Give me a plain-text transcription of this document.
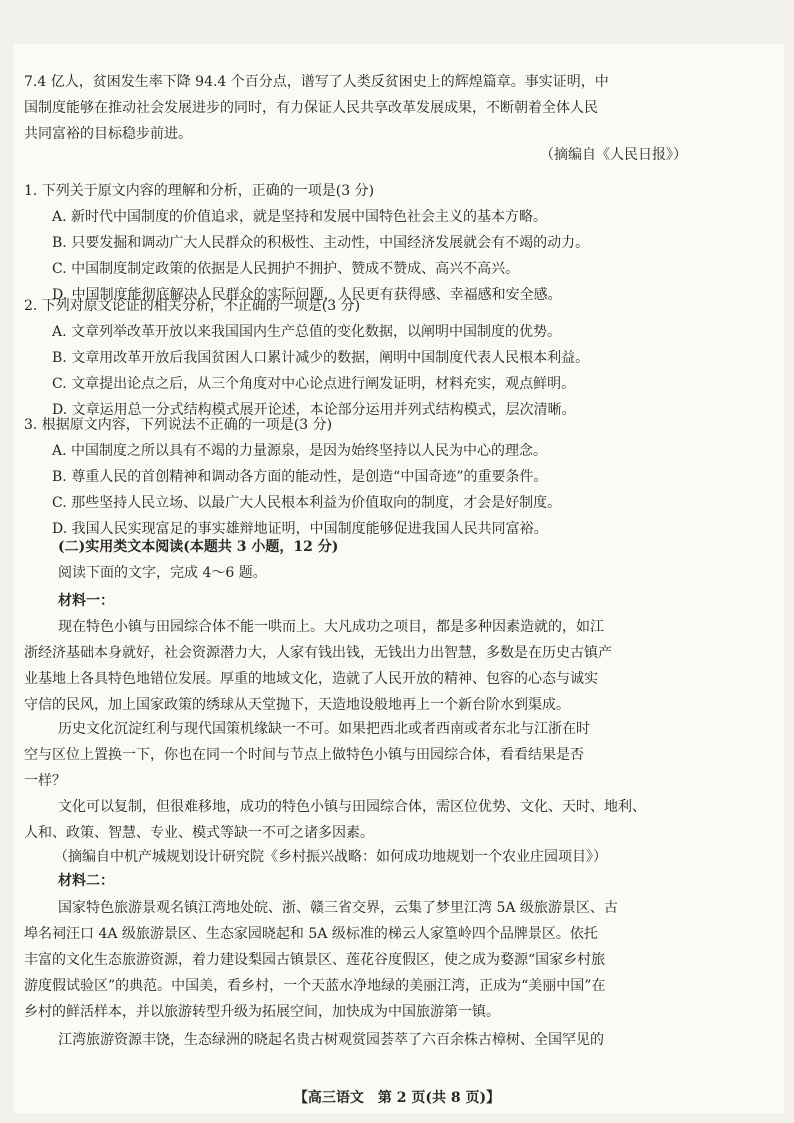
7.4 亿人，贫困发生率下降 94.4 个百分点，谱写了人类反贫困史上的辉煌篇章。事实证明，中
国制度能够在推动社会发展进步的同时，有力保证人民共享改革发展成果，不断朝着全体人民
共同富裕的目标稳步前进。
（摘编自《人民日报》）
1. 下列关于原文内容的理解和分析，正确的一项是(3 分)
A. 新时代中国制度的价值追求，就是坚持和发展中国特色社会主义的基本方略。
B. 只要发掘和调动广大人民群众的积极性、主动性，中国经济发展就会有不竭的动力。
C. 中国制度制定政策的依据是人民拥护不拥护、赞成不赞成、高兴不高兴。
D. 中国制度能彻底解决人民群众的实际问题，人民更有获得感、幸福感和安全感。
2. 下列对原文论证的相关分析，不正确的一项是(3 分)
A. 文章列举改革开放以来我国国内生产总值的变化数据，以阐明中国制度的优势。
B. 文章用改革开放后我国贫困人口累计减少的数据，阐明中国制度代表人民根本利益。
C. 文章提出论点之后，从三个角度对中心论点进行阐发证明，材料充实，观点鲜明。
D. 文章运用总一分式结构模式展开论述，本论部分运用并列式结构模式，层次清晰。
3. 根据原文内容，下列说法不正确的一项是(3 分)
A. 中国制度之所以具有不竭的力量源泉，是因为始终坚持以人民为中心的理念。
B. 尊重人民的首创精神和调动各方面的能动性，是创造“中国奇迹”的重要条件。
C. 那些坚持人民立场、以最广大人民根本利益为价值取向的制度，才会是好制度。
D. 我国人民实现富足的事实雄辩地证明，中国制度能够促进我国人民共同富裕。
(二)实用类文本阅读(本题共 3 小题，12 分)
阅读下面的文字，完成 4～6 题。
材料一：
现在特色小镇与田园综合体不能一哄而上。大凡成功之项目，都是多种因素造就的，如江
浙经济基础本身就好，社会资源潜力大，人家有钱出钱，无钱出力出智慧，多数是在历史古镇产
业基地上各具特色地错位发展。厚重的地域文化，造就了人民开放的精神、包容的心态与诚实
守信的民风，加上国家政策的绣球从天堂抛下，天造地设般地再上一个新台阶水到渠成。
历史文化沉淀红利与现代国策机缘缺一不可。如果把西北或者西南或者东北与江浙在时
空与区位上置换一下，你也在同一个时间与节点上做特色小镇与田园综合体，看看结果是否
一样？
文化可以复制，但很难移地，成功的特色小镇与田园综合体，需区位优势、文化、天时、地利、
人和、政策、智慧、专业、模式等缺一不可之诸多因素。
（摘编自中机产城规划设计研究院《乡村振兴战略：如何成功地规划一个农业庄园项目》）
材料二：
国家特色旅游景观名镇江湾地处皖、浙、赣三省交界，云集了梦里江湾 5A 级旅游景区、古
埠名祠汪口 4A 级旅游景区、生态家园晓起和 5A 级标准的梯云人家篁岭四个品牌景区。依托
丰富的文化生态旅游资源，着力建设梨园古镇景区、莲花谷度假区，使之成为婺源“国家乡村旅
游度假试验区”的典范。中国美，看乡村，一个天蓝水净地绿的美丽江湾，正成为“美丽中国”在
乡村的鲜活样本，并以旅游转型升级为拓展空间，加快成为中国旅游第一镇。
江湾旅游资源丰饶，生态绿洲的晓起名贵古树观赏园荟萃了六百余株古樟树、全国罕见的
【高三语文　第 2 页(共 8 页)】
